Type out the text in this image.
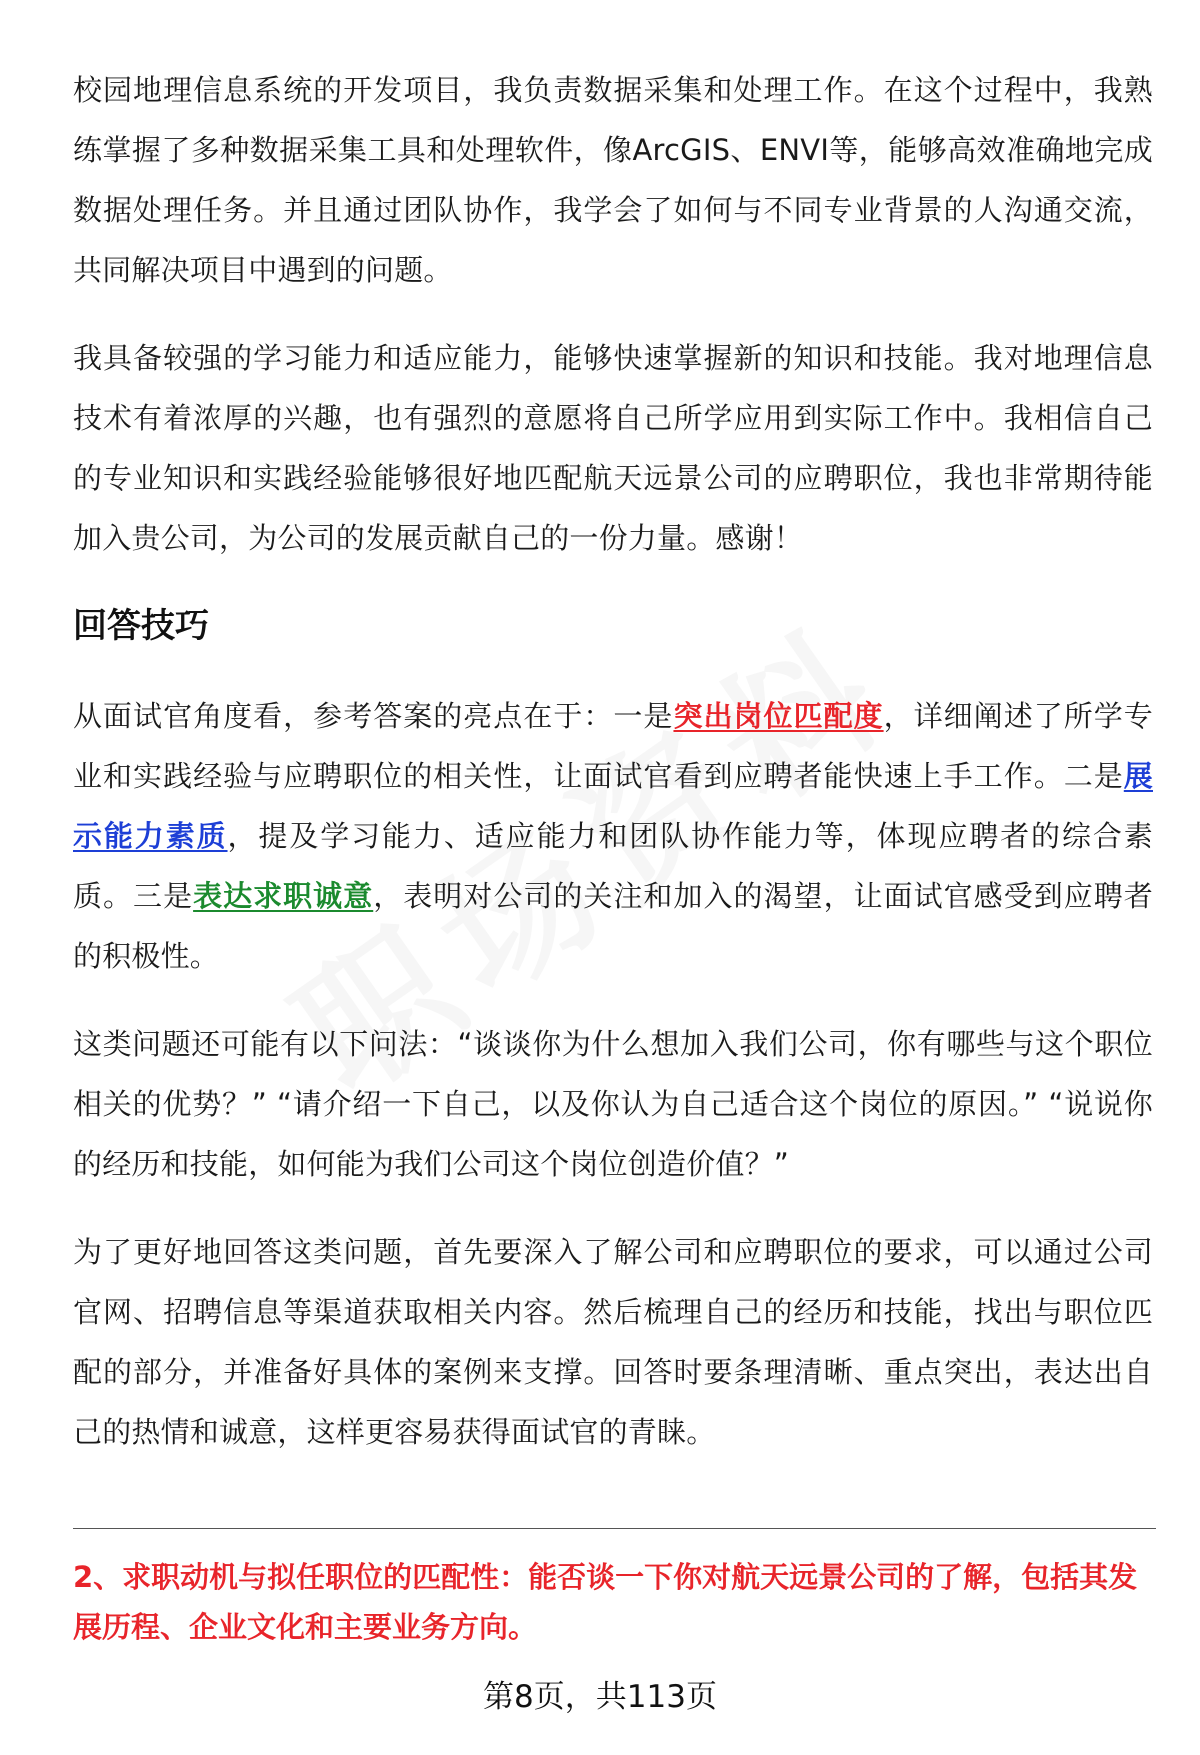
校园地理信息系统的开发项目，我负责数据采集和处理工作。在这个过程中，我熟练掌握了多种数据采集工具和处理软件，像ArcGIS、ENVI等，能够高效准确地完成数据处理任务。并且通过团队协作，我学会了如何与不同专业背景的人沟通交流，共同解决项目中遇到的问题。

我具备较强的学习能力和适应能力，能够快速掌握新的知识和技能。我对地理信息技术有着浓厚的兴趣，也有强烈的意愿将自己所学应用到实际工作中。我相信自己的专业知识和实践经验能够很好地匹配航天远景公司的应聘职位，我也非常期待能加入贵公司，为公司的发展贡献自己的一份力量。感谢！

回答技巧

从面试官角度看，参考答案的亮点在于：一是突出岗位匹配度，详细阐述了所学专业和实践经验与应聘职位的相关性，让面试官看到应聘者能快速上手工作。二是展示能力素质，提及学习能力、适应能力和团队协作能力等，体现应聘者的综合素质。三是表达求职诚意，表明对公司的关注和加入的渴望，让面试官感受到应聘者的积极性。

这类问题还可能有以下问法：“谈谈你为什么想加入我们公司，你有哪些与这个职位相关的优势？” “请介绍一下自己，以及你认为自己适合这个岗位的原因。” “说说你的经历和技能，如何能为我们公司这个岗位创造价值？”

为了更好地回答这类问题，首先要深入了解公司和应聘职位的要求，可以通过公司官网、招聘信息等渠道获取相关内容。然后梳理自己的经历和技能，找出与职位匹配的部分，并准备好具体的案例来支撑。回答时要条理清晰、重点突出，表达出自己的热情和诚意，这样更容易获得面试官的青睐。

2、求职动机与拟任职位的匹配性：能否谈一下你对航天远景公司的了解，包括其发展历程、企业文化和主要业务方向。

第8页，共113页
